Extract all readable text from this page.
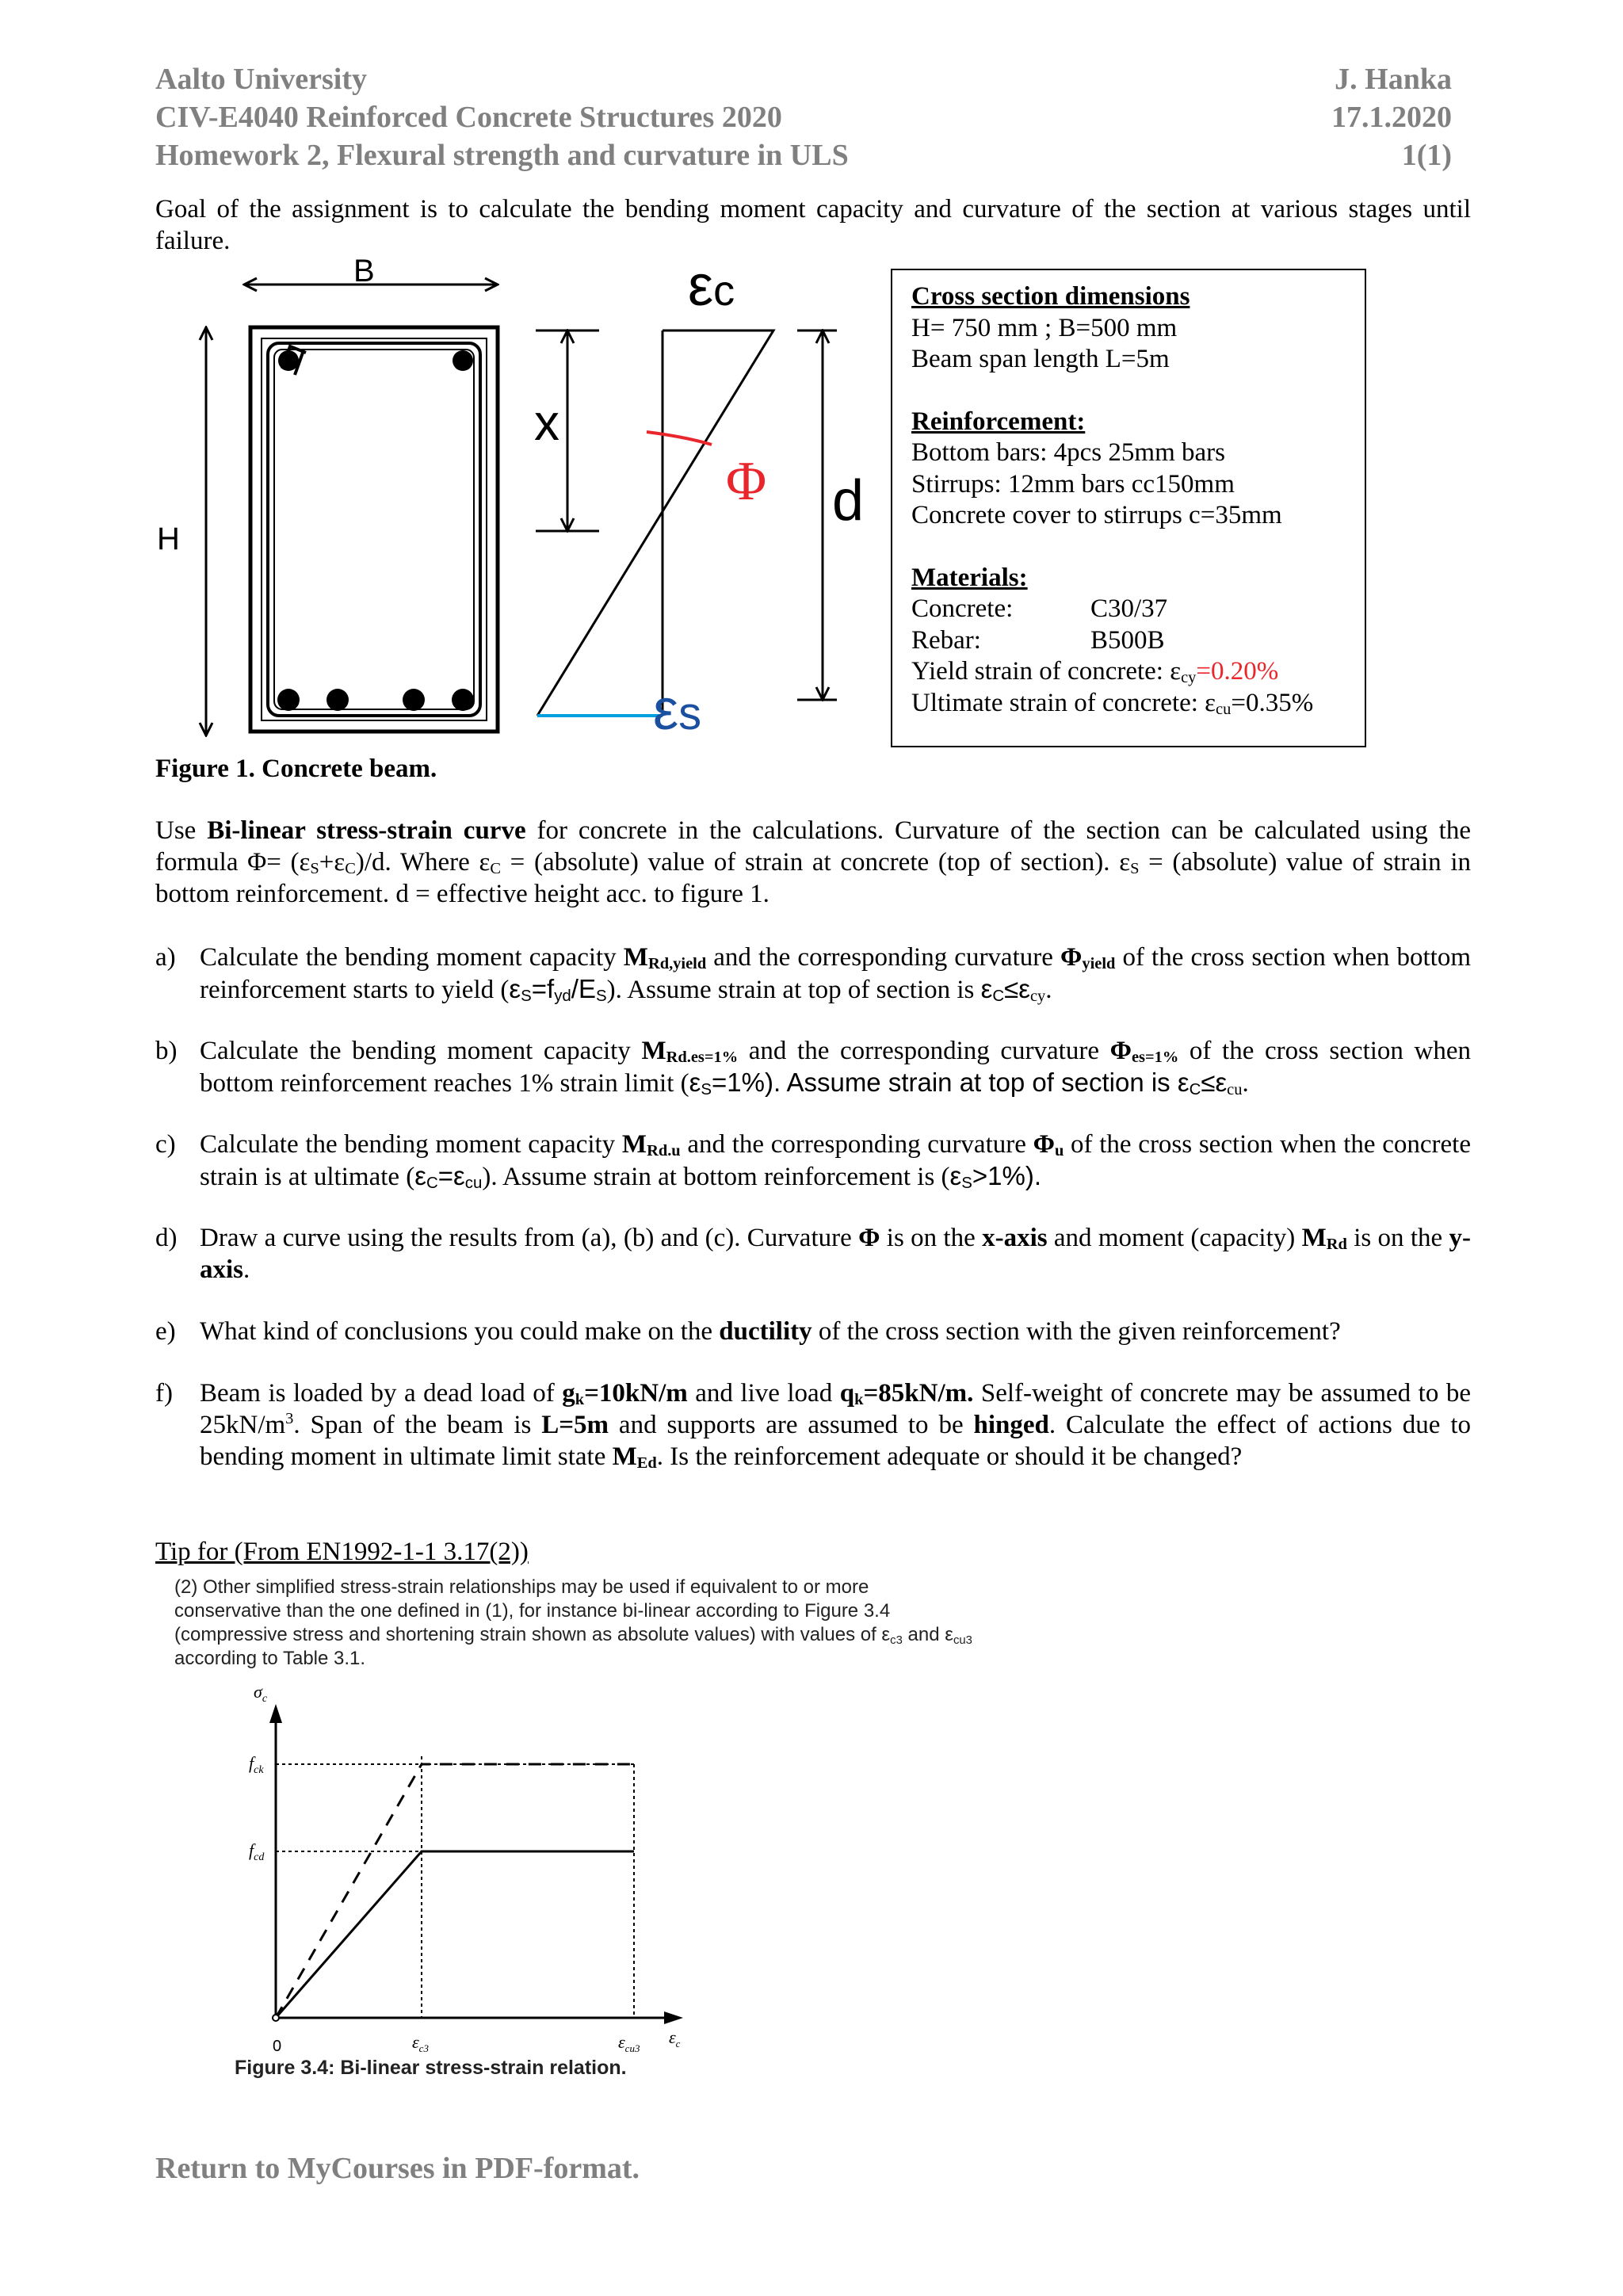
Aalto University
CIV-E4040 Reinforced Concrete Structures 2020
Homework 2, Flexural strength and curvature in ULS
J. Hanka
17.1.2020
1(1)
Goal of the assignment is to calculate the bending moment capacity and curvature of the section at various stages until failure.
B
H
x
εc
Φ
εs
d
Cross section dimensions
H= 750 mm ; B=500 mm
Beam span length L=5m
Reinforcement:
Bottom bars: 4pcs 25mm bars
Stirrups: 12mm bars cc150mm
Concrete cover to stirrups c=35mm
Materials:
Concrete:	C30/37
Rebar:	B500B
Yield strain of concrete: $\varepsilon_{cy}=0.20\%$
Ultimate strain of concrete: $\varepsilon_{cu}=0.35\%$
Figure 1. Concrete beam.
Use Bi-linear stress-strain curve for concrete in the calculations. Curvature of the section can be calculated using the formula $\Phi= (\varepsilon_S+\varepsilon_C)/d$. Where $\varepsilon_C$ = (absolute) value of strain at concrete (top of section). $\varepsilon_S$ = (absolute) value of strain in bottom reinforcement. d = effective height acc. to figure 1.
a) Calculate the bending moment capacity $M_{Rd,yield}$ and the corresponding curvature $\Phi_{yield}$ of the cross section when bottom reinforcement starts to yield $(\varepsilon_S=f_{yd}/E_S)$. Assume strain at top of section is $\varepsilon_C\le\varepsilon_{cy}$.
b) Calculate the bending moment capacity $M_{Rd.es=1\%}$ and the corresponding curvature $\Phi_{es=1\%}$ of the cross section when bottom reinforcement reaches 1% strain limit $(\varepsilon_S=1\%)$. Assume strain at top of section is $\varepsilon_C\le\varepsilon_{cu}$.
c) Calculate the bending moment capacity $M_{Rd.u}$ and the corresponding curvature $\Phi_u$ of the cross section when the concrete strain is at ultimate $(\varepsilon_C=\varepsilon_{cu})$. Assume strain at bottom reinforcement is $(\varepsilon_S>1\%)$.
d) Draw a curve using the results from (a), (b) and (c). Curvature Φ is on the x-axis and moment (capacity) $M_{Rd}$ is on the y-axis.
e) What kind of conclusions you could make on the ductility of the cross section with the given reinforcement?
f) Beam is loaded by a dead load of $g_k=10kN/m$ and live load $q_k=85kN/m$. Self-weight of concrete may be assumed to be $25kN/m^3$. Span of the beam is L=5m and supports are assumed to be hinged. Calculate the effect of actions due to bending moment in ultimate limit state $M_{Ed}$. Is the reinforcement adequate or should it be changed?
Tip for (From EN1992-1-1 3.17(2))
(2) Other simplified stress-strain relationships may be used if equivalent to or more
conservative than the one defined in (1), for instance bi-linear according to Figure 3.4
(compressive stress and shortening strain shown as absolute values) with values of $\varepsilon_{c3}$ and $\varepsilon_{cu3}$
according to Table 3.1.
$\sigma_c$
$f_{ck}$
$f_{cd}$
0	$\varepsilon_{c3}$	$\varepsilon_{cu3}$
$\varepsilon_c$
Figure 3.4: Bi-linear stress-strain relation.
Return to MyCourses in PDF-format.
